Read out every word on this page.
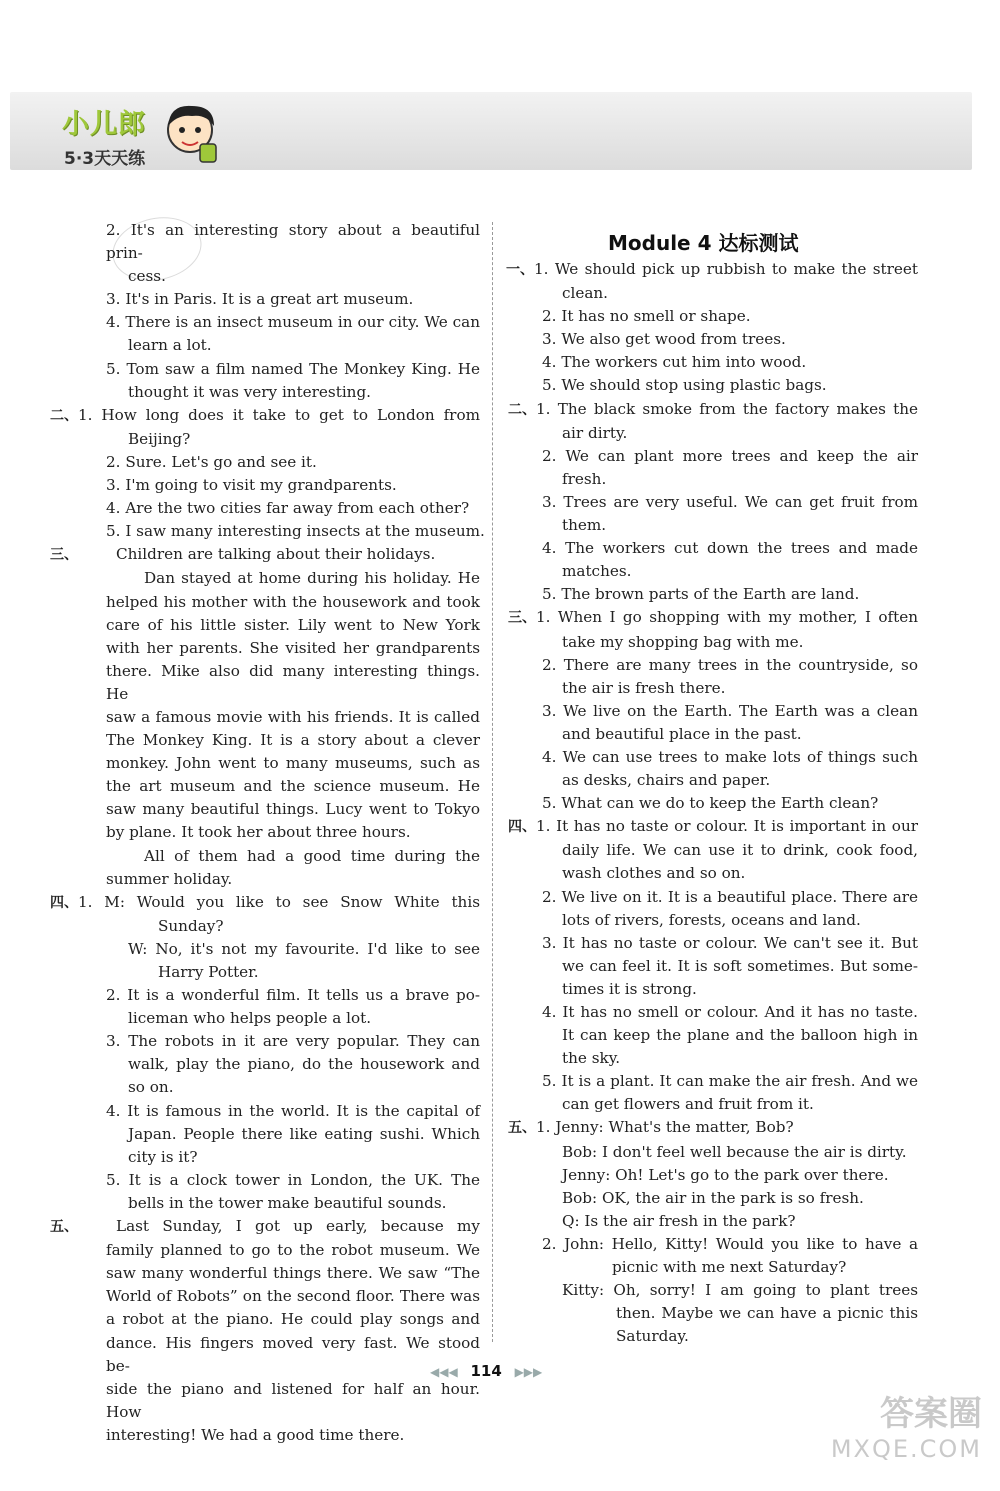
小儿郎
5·3天天练

2. It's an interesting story about a beautiful prin-

cess.

3. It's in Paris. It is a great art museum.

4. There is an insect museum in our city. We can

learn a lot.

5. Tom saw a film named The Monkey King. He

thought it was very interesting.

二、1. How long does it take to get to London from

Beijing?

2. Sure. Let's go and see it.

3. I'm going to visit my grandparents.

4. Are the two cities far away from each other?

5. I saw many interesting insects at the museum.

三、	Children are talking about their holidays.

Dan stayed at home during his holiday. He

helped his mother with the housework and took

care of his little sister. Lily went to New York

with her parents. She visited her grandparents

there. Mike also did many interesting things. He

saw a famous movie with his friends. It is called

The Monkey King. It is a story about a clever

monkey. John went to many museums, such as

the art museum and the science museum. He

saw many beautiful things. Lucy went to Tokyo

by plane. It took her about three hours.

All of them had a good time during the

summer holiday.

四、1. M: Would you like to see Snow White this

Sunday?

W: No, it's not my favourite. I'd like to see

Harry Potter.

2. It is a wonderful film. It tells us a brave po-

liceman who helps people a lot.

3. The robots in it are very popular. They can

walk, play the piano, do the housework and

so on.

4. It is famous in the world. It is the capital of

Japan. People there like eating sushi. Which

city is it?

5. It is a clock tower in London, the UK. The

bells in the tower make beautiful sounds.

五、	Last Sunday, I got up early, because my

family planned to go to the robot museum. We

saw many wonderful things there. We saw “The

World of Robots” on the second floor. There was

a robot at the piano. He could play songs and

dance. His fingers moved very fast. We stood be-

side the piano and listened for half an hour. How

interesting! We had a good time there.

Module 4 达标测试

一、1. We should pick up rubbish to make the street

clean.

2. It has no smell or shape.

3. We also get wood from trees.

4. The workers cut him into wood.

5. We should stop using plastic bags.

二、1. The black smoke from the factory makes the

air dirty.

2. We can plant more trees and keep the air

fresh.

3. Trees are very useful. We can get fruit from

them.

4. The workers cut down the trees and made

matches.

5. The brown parts of the Earth are land.

三、1. When I go shopping with my mother, I often

take my shopping bag with me.

2. There are many trees in the countryside, so

the air is fresh there.

3. We live on the Earth. The Earth was a clean

and beautiful place in the past.

4. We can use trees to make lots of things such

as desks, chairs and paper.

5. What can we do to keep the Earth clean?

四、1. It has no taste or colour. It is important in our

daily life. We can use it to drink, cook food,

wash clothes and so on.

2. We live on it. It is a beautiful place. There are

lots of rivers, forests, oceans and land.

3. It has no taste or colour. We can't see it. But

we can feel it. It is soft sometimes. But some-

times it is strong.

4. It has no smell or colour. And it has no taste.

It can keep the plane and the balloon high in

the sky.

5. It is a plant. It can make the air fresh. And we

can get flowers and fruit from it.

五、1. Jenny: What's the matter, Bob?

Bob: I don't feel well because the air is dirty.

Jenny: Oh! Let's go to the park over there.

Bob: OK, the air in the park is so fresh.

Q: Is the air fresh in the park?

2. John: Hello, Kitty! Would you like to have a

picnic with me next Saturday?

Kitty: Oh, sorry! I am going to plant trees

then. Maybe we can have a picnic this

Saturday.

◀◀◀ 114 ▶▶▶
答案圈
MXQE.COM
